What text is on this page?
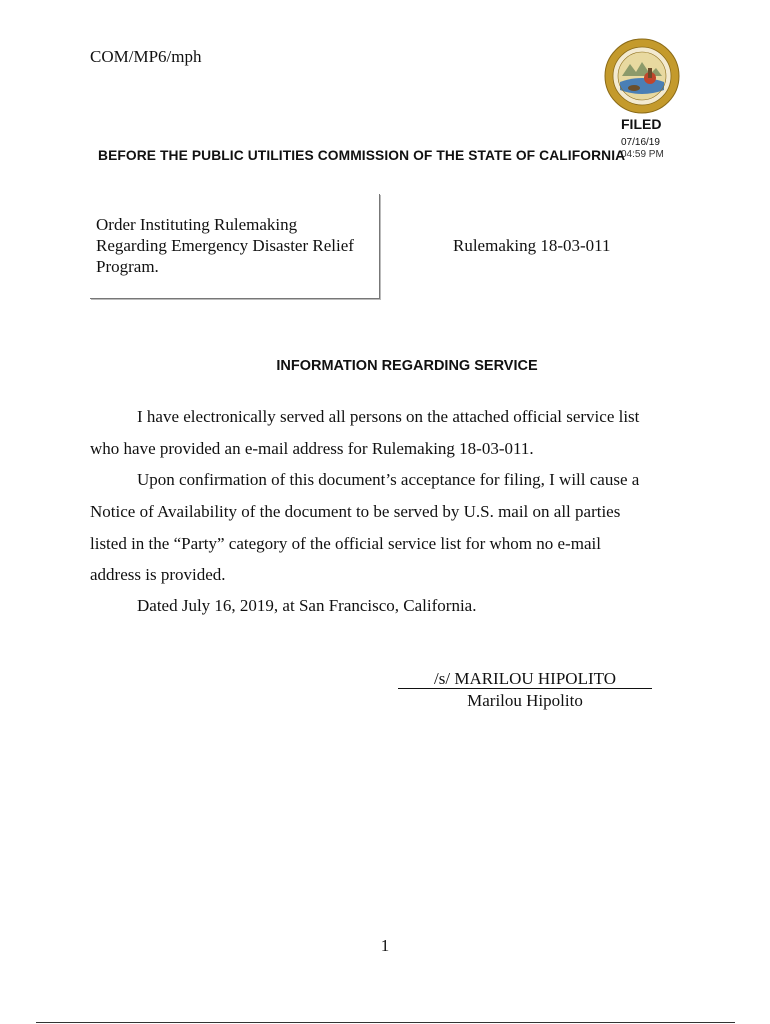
COM/MP6/mph
FILED
07/16/19
04:59 PM
BEFORE THE PUBLIC UTILITIES COMMISSION OF THE STATE OF CALIFORNIA
Order Instituting Rulemaking
Regarding Emergency Disaster Relief
Program.
Rulemaking 18-03-011
INFORMATION REGARDING SERVICE
I have electronically served all persons on the attached official service list
who have provided an e-mail address for Rulemaking 18-03-011.
Upon confirmation of this document’s acceptance for filing, I will cause a
Notice of Availability of the document to be served by U.S. mail on all parties
listed in the “Party” category of the official service list for whom no e-mail
address is provided.
Dated July 16, 2019, at San Francisco, California.
/s/ MARILOU HIPOLITO
Marilou Hipolito
1
